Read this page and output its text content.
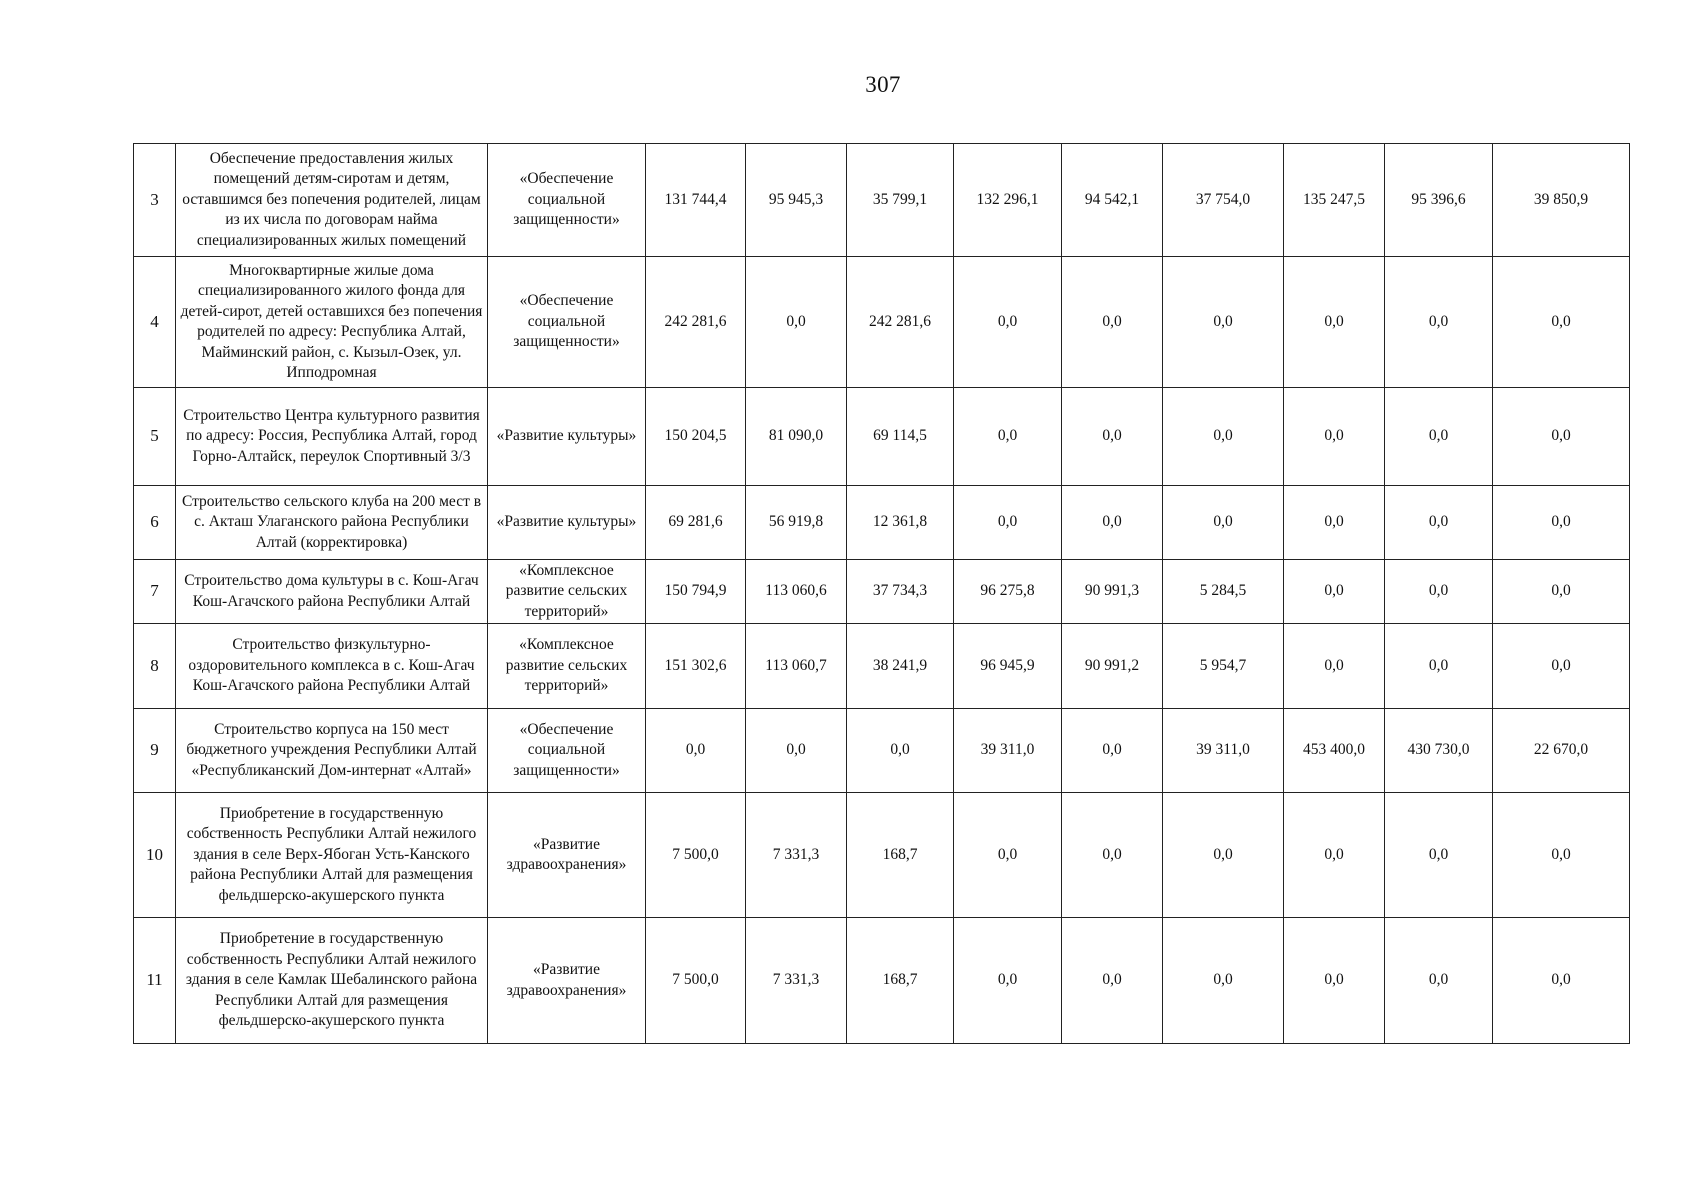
307
3	Обеспечение предоставления жилых помещений детям-сиротам и детям, оставшимся без попечения родителей, лицам из их числа по договорам найма специализированных жилых помещений	«Обеспечение социальной защищенности»	131 744,4	95 945,3	35 799,1	132 296,1	94 542,1	37 754,0	135 247,5	95 396,6	39 850,9
4	Многоквартирные жилые дома специализированного жилого фонда для детей-сирот, детей оставшихся без попечения родителей по адресу: Республика Алтай, Майминский район, с. Кызыл-Озек, ул. Ипподромная	«Обеспечение социальной защищенности»	242 281,6	0,0	242 281,6	0,0	0,0	0,0	0,0	0,0	0,0
5	Строительство Центра культурного развития по адресу: Россия, Республика Алтай, город Горно-Алтайск, переулок Спортивный 3/3	«Развитие культуры»	150 204,5	81 090,0	69 114,5	0,0	0,0	0,0	0,0	0,0	0,0
6	Строительство сельского клуба на 200 мест в с. Акташ Улаганского района Республики Алтай (корректировка)	«Развитие культуры»	69 281,6	56 919,8	12 361,8	0,0	0,0	0,0	0,0	0,0	0,0
7	Строительство дома культуры в с. Кош-Агач Кош-Агачского района Республики Алтай	«Комплексное развитие сельских территорий»	150 794,9	113 060,6	37 734,3	96 275,8	90 991,3	5 284,5	0,0	0,0	0,0
8	Строительство физкультурно-оздоровительного комплекса в с. Кош-Агач Кош-Агачского района Республики Алтай	«Комплексное развитие сельских территорий»	151 302,6	113 060,7	38 241,9	96 945,9	90 991,2	5 954,7	0,0	0,0	0,0
9	Строительство корпуса на 150 мест бюджетного учреждения Республики Алтай «Республиканский Дом-интернат «Алтай»	«Обеспечение социальной защищенности»	0,0	0,0	0,0	39 311,0	0,0	39 311,0	453 400,0	430 730,0	22 670,0
10	Приобретение в государственную собственность Республики Алтай нежилого здания в селе Верх-Ябоган Усть-Канского района Республики Алтай для размещения фельдшерско-акушерского пункта	«Развитие здравоохранения»	7 500,0	7 331,3	168,7	0,0	0,0	0,0	0,0	0,0	0,0
11	Приобретение в государственную собственность Республики Алтай нежилого здания в селе Камлак Шебалинского района Республики Алтай для размещения фельдшерско-акушерского пункта	«Развитие здравоохранения»	7 500,0	7 331,3	168,7	0,0	0,0	0,0	0,0	0,0	0,0
